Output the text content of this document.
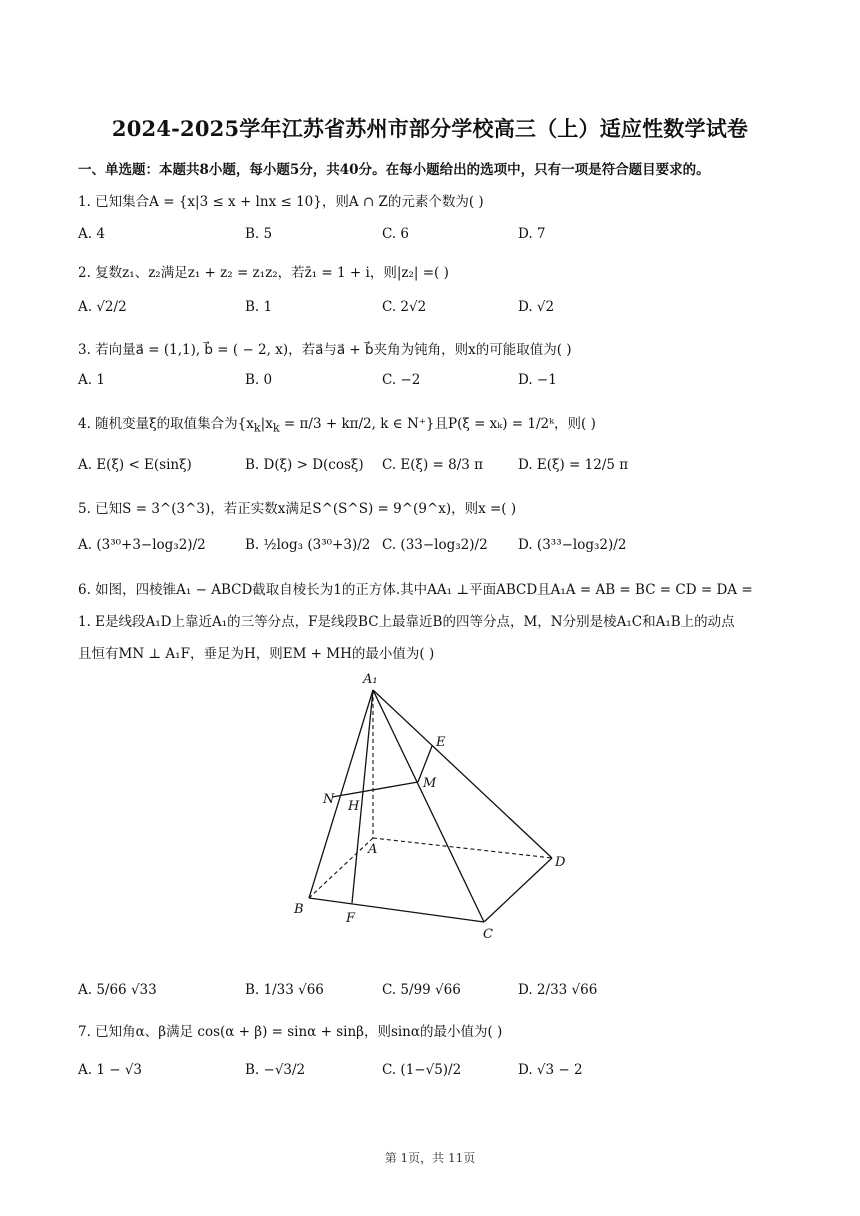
2024-2025学年江苏省苏州市部分学校高三（上）适应性数学试卷
一、单选题：本题共8小题，每小题5分，共40分。在每小题给出的选项中，只有一项是符合题目要求的。
1. 已知集合A = {x|3 ≤ x + lnx ≤ 10}，则A ∩ Z的元素个数为( )
A. 4	B. 5	C. 6	D. 7
2. 复数z₁、z₂满足z₁ + z₂ = z₁z₂，若z̄₁ = 1 + i，则|z₂| =( )
A. √2/2	B. 1	C. 2√2	D. √2
3. 若向量a⃗ = (1,1), b⃗ = ( − 2, x)，若a⃗与a⃗ + b⃗夹角为钝角，则x的可能取值为( )
A. 1	B. 0	C. −2	D. −1
4. 随机变量ξ的取值集合为{$x_k|x_k = \pi/3 + k\pi/2$, k ∈ N⁺}且P(ξ = xₖ) = 1/2ᵏ，则( )
A. E(ξ) < E(sinξ)	B. D(ξ) > D(cosξ) C. E(ξ) = 8/3 π	D. E(ξ) = 12/5 π
5. 已知S = 3^(3^3)，若正实数x满足S^(S^S) = 9^(9^x)，则x =( )
A. (3³⁰+3−log₃2)/2	B. ½log₃ (3³⁰+3)/2 C. (33−log₃2)/2 D. (3³³−log₃2)/2
6. 如图，四棱锥A₁ − ABCD截取自棱长为1的正方体.其中AA₁ ⊥平面ABCD且A₁A = AB = BC = CD = DA =
1. E是线段A₁D上靠近A₁的三等分点，F是线段BC上最靠近B的四等分点，M，N分别是棱A₁C和A₁B上的动点
且恒有MN ⊥ A₁F，垂足为H，则EM + MH的最小值为( )
A₁
E
M
N H
A
D
B
F
C
A. 5/66 √33	B. 1/33 √66	C. 5/99 √66	D. 2/33 √66
7. 已知角α、β满足 cos(α + β) = sinα + sinβ，则sinα的最小值为( )
A. 1 − √3	B. −√3/2	C. (1−√5)/2	D. √3 − 2
第 1页，共 11页
